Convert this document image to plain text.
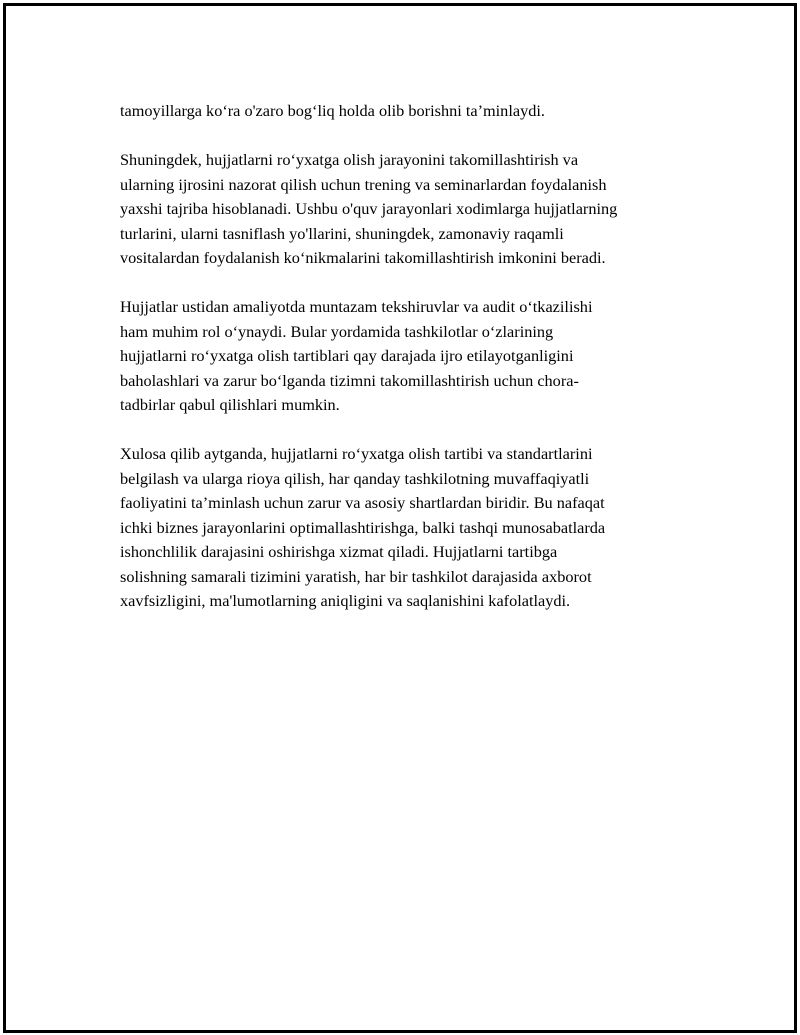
tamoyillarga ko‘ra o'zaro bog‘liq holda olib borishni ta’minlaydi.

Shuningdek, hujjatlarni ro‘yxatga olish jarayonini takomillashtirish va
ularning ijrosini nazorat qilish uchun trening va seminarlardan foydalanish
yaxshi tajriba hisoblanadi. Ushbu o'quv jarayonlari xodimlarga hujjatlarning
turlarini, ularni tasniflash yo'llarini, shuningdek, zamonaviy raqamli
vositalardan foydalanish ko‘nikmalarini takomillashtirish imkonini beradi.

Hujjatlar ustidan amaliyotda muntazam tekshiruvlar va audit o‘tkazilishi
ham muhim rol o‘ynaydi. Bular yordamida tashkilotlar o‘zlarining
hujjatlarni ro‘yxatga olish tartiblari qay darajada ijro etilayotganligini
baholashlari va zarur bo‘lganda tizimni takomillashtirish uchun chora-
tadbirlar qabul qilishlari mumkin.

Xulosa qilib aytganda, hujjatlarni ro‘yxatga olish tartibi va standartlarini
belgilash va ularga rioya qilish, har qanday tashkilotning muvaffaqiyatli
faoliyatini ta’minlash uchun zarur va asosiy shartlardan biridir. Bu nafaqat
ichki biznes jarayonlarini optimallashtirishga, balki tashqi munosabatlarda
ishonchlilik darajasini oshirishga xizmat qiladi. Hujjatlarni tartibga
solishning samarali tizimini yaratish, har bir tashkilot darajasida axborot
xavfsizligini, ma'lumotlarning aniqligini va saqlanishini kafolatlaydi.
